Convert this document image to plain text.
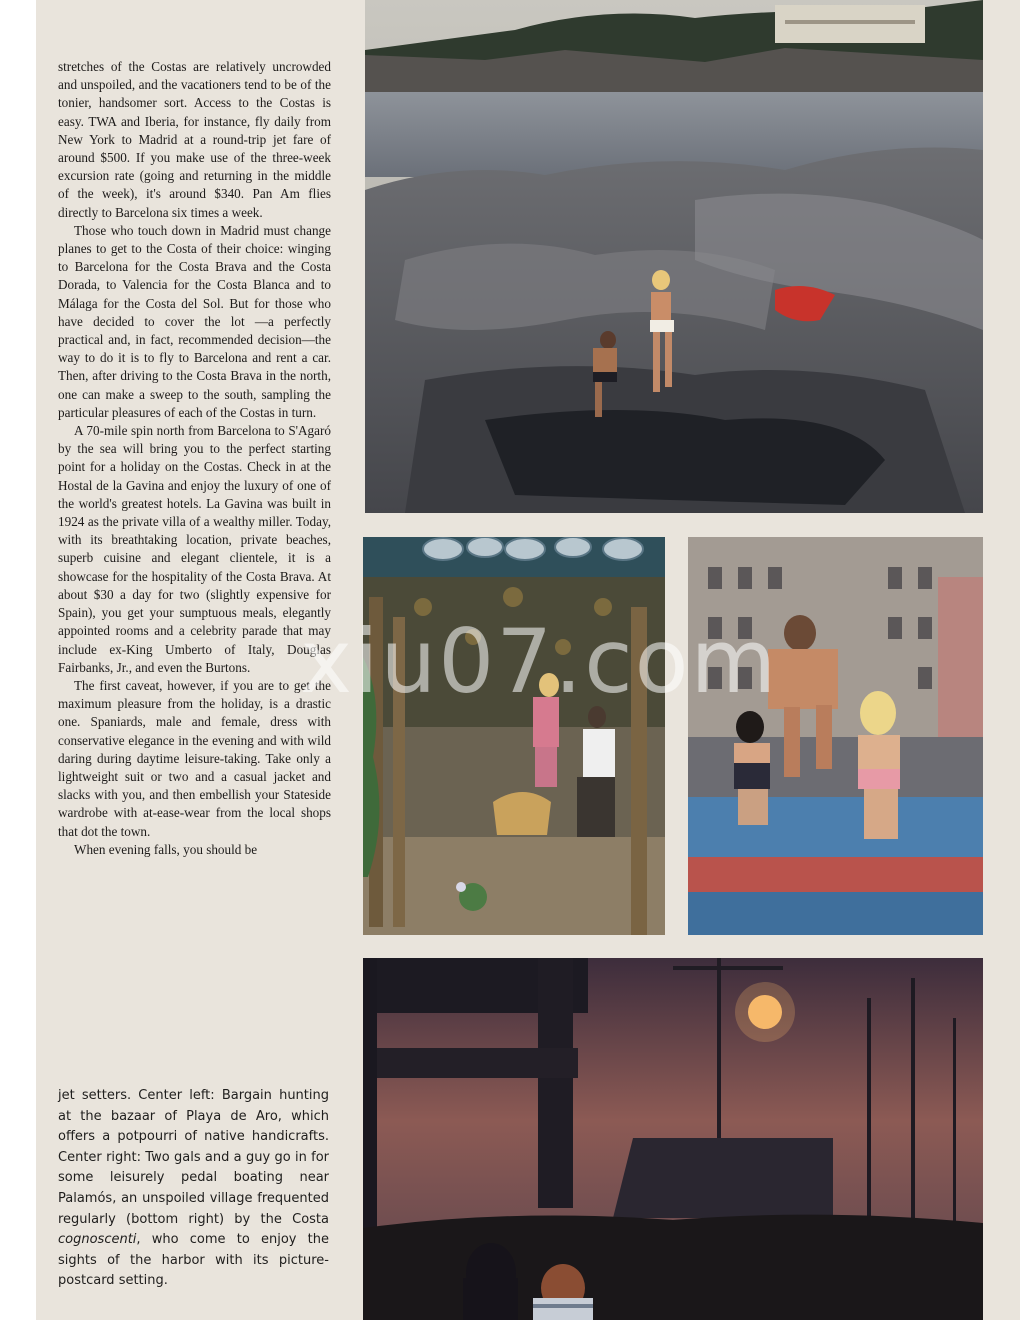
stretches of the Costas are relatively uncrowded and unspoiled, and the vacationers tend to be of the tonier, handsomer sort. Access to the Costas is easy. TWA and Iberia, for instance, fly daily from New York to Madrid at a round-trip jet fare of around $500. If you make use of the three-week excursion rate (going and returning in the middle of the week), it's around $340. Pan Am flies directly to Barcelona six times a week.

Those who touch down in Madrid must change planes to get to the Costa of their choice: winging to Barcelona for the Costa Brava and the Costa Dorada, to Valencia for the Costa Blanca and to Málaga for the Costa del Sol. But for those who have decided to cover the lot —a perfectly practical and, in fact, recommended decision—the way to do it is to fly to Barcelona and rent a car. Then, after driving to the Costa Brava in the north, one can make a sweep to the south, sampling the particular pleasures of each of the Costas in turn.

A 70-mile spin north from Barcelona to S'Agaró by the sea will bring you to the perfect starting point for a holiday on the Costas. Check in at the Hostal de la Gavina and enjoy the luxury of one of the world's greatest hotels. La Gavina was built in 1924 as the private villa of a wealthy miller. Today, with its breathtaking location, private beaches, superb cuisine and elegant clientele, it is a showcase for the hospitality of the Costa Brava. At about $30 a day for two (slightly expensive for Spain), you get your sumptuous meals, elegantly appointed rooms and a celebrity parade that may include ex-King Umberto of Italy, Douglas Fairbanks, Jr., and even the Burtons.

The first caveat, however, if you are to get the maximum pleasure from the holiday, is a drastic one. Spaniards, male and female, dress with conservative elegance in the evening and with wild daring during daytime leisure-taking. Take only a lightweight suit or two and a casual jacket and slacks with you, and then embellish your Stateside wardrobe with at-ease-wear from the local shops that dot the town.

When evening falls, you should be

jet setters. Center left: Bargain hunting at the bazaar of Playa de Aro, which offers a potpourri of native handicrafts. Center right: Two gals and a guy go in for some leisurely pedal boating near Palamós, an unspoiled village frequented regularly (bottom right) by the Costa cognoscenti, who come to enjoy the sights of the harbor with its picture-postcard setting.
xiu07.com
